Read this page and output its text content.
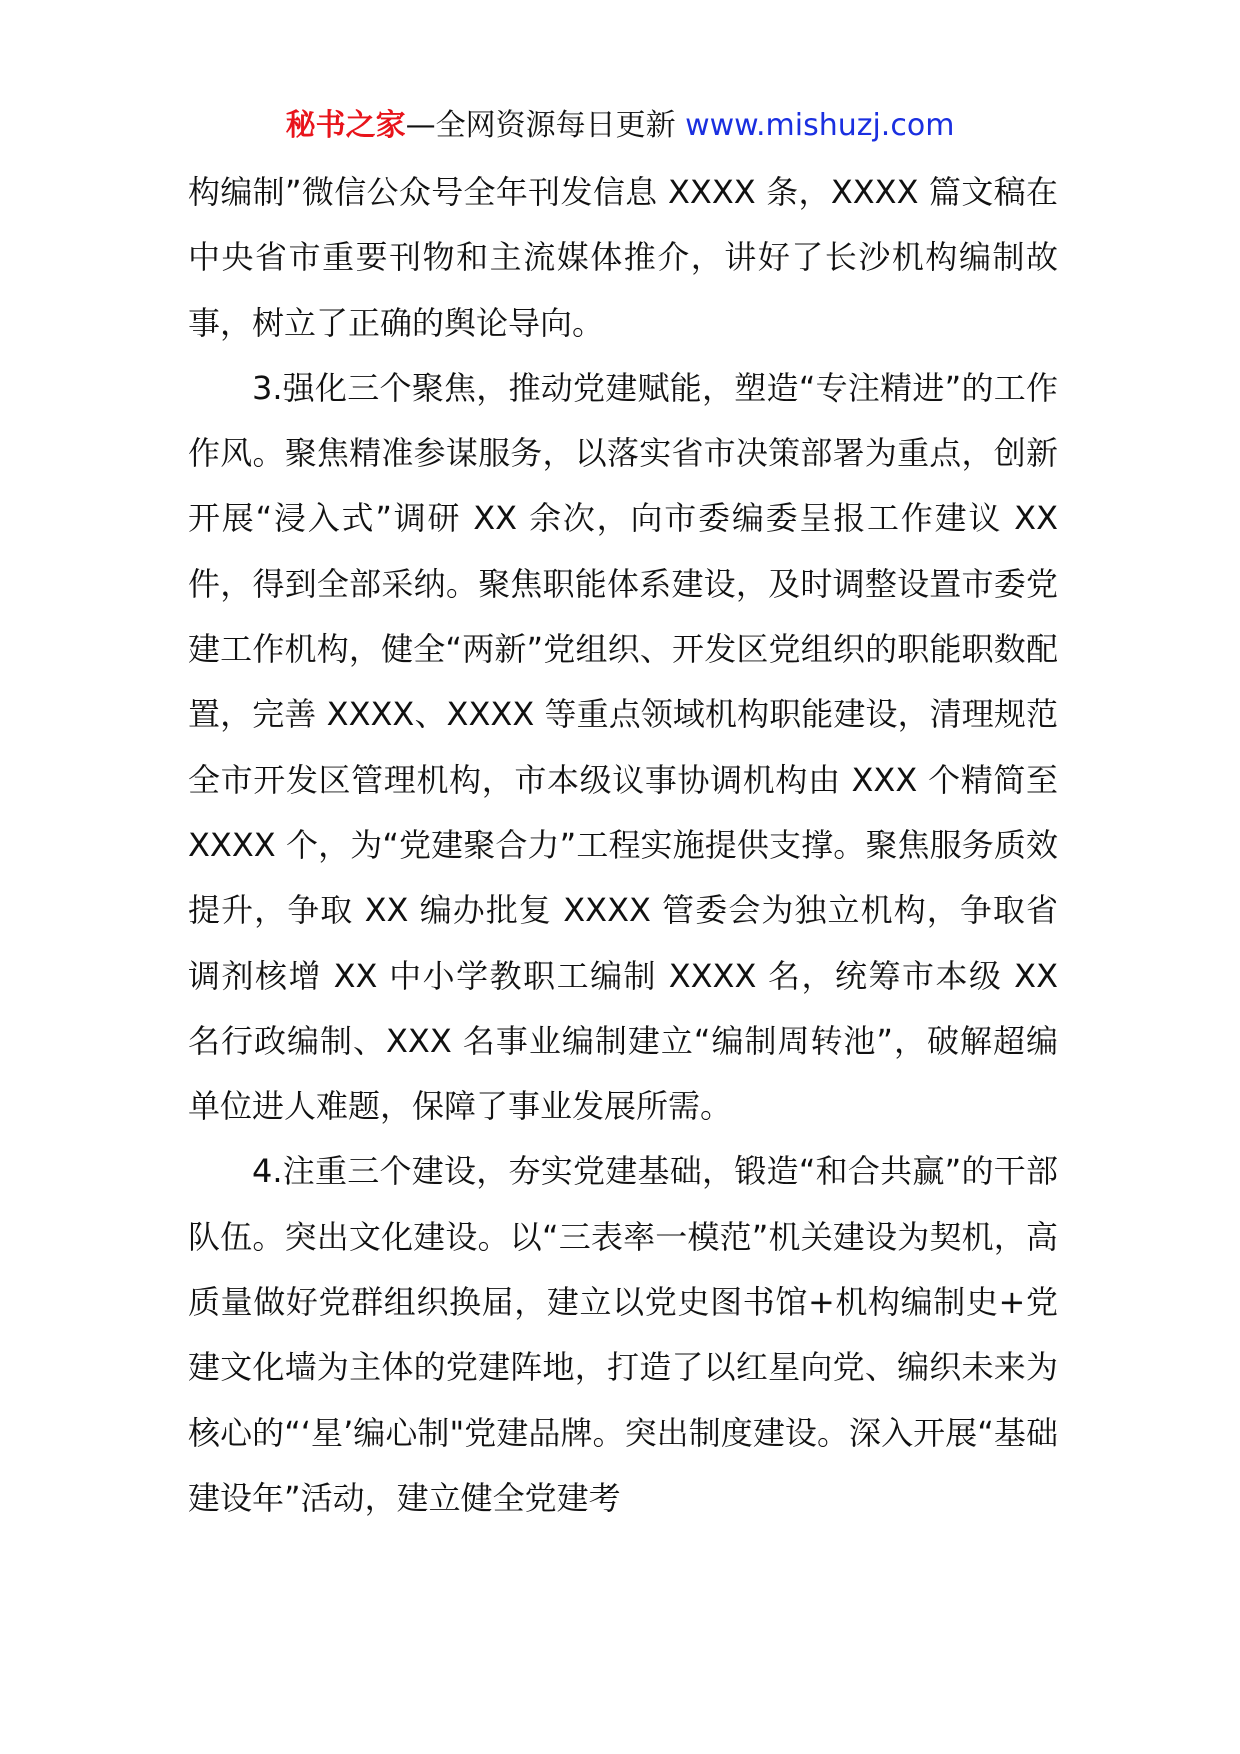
秘书之家—全网资源每日更新 www.mishuzj.com

构编制”微信公众号全年刊发信息 XXXX 条，XXXX 篇文稿在中央省市重要刊物和主流媒体推介，讲好了长沙机构编制故事，树立了正确的舆论导向。

3.强化三个聚焦，推动党建赋能，塑造“专注精进”的工作作风。聚焦精准参谋服务，以落实省市决策部署为重点，创新开展“浸入式”调研 XX 余次，向市委编委呈报工作建议 XX 件，得到全部采纳。聚焦职能体系建设，及时调整设置市委党建工作机构，健全“两新”党组织、开发区党组织的职能职数配置，完善 XXXX、XXXX 等重点领域机构职能建设，清理规范全市开发区管理机构，市本级议事协调机构由 XXX 个精简至 XXXX 个，为“党建聚合力”工程实施提供支撑。聚焦服务质效提升，争取 XX 编办批复 XXXX 管委会为独立机构，争取省调剂核增 XX 中小学教职工编制 XXXX 名，统筹市本级 XX 名行政编制、XXX 名事业编制建立“编制周转池”，破解超编单位进人难题，保障了事业发展所需。

4.注重三个建设，夯实党建基础，锻造“和合共赢”的干部队伍。突出文化建设。以“三表率一模范”机关建设为契机，高质量做好党群组织换届，建立以党史图书馆+机构编制史+党建文化墙为主体的党建阵地，打造了以红星向党、编织未来为核心的“‘星’编心制"党建品牌。突出制度建设。深入开展“基础建设年”活动，建立健全党建考
